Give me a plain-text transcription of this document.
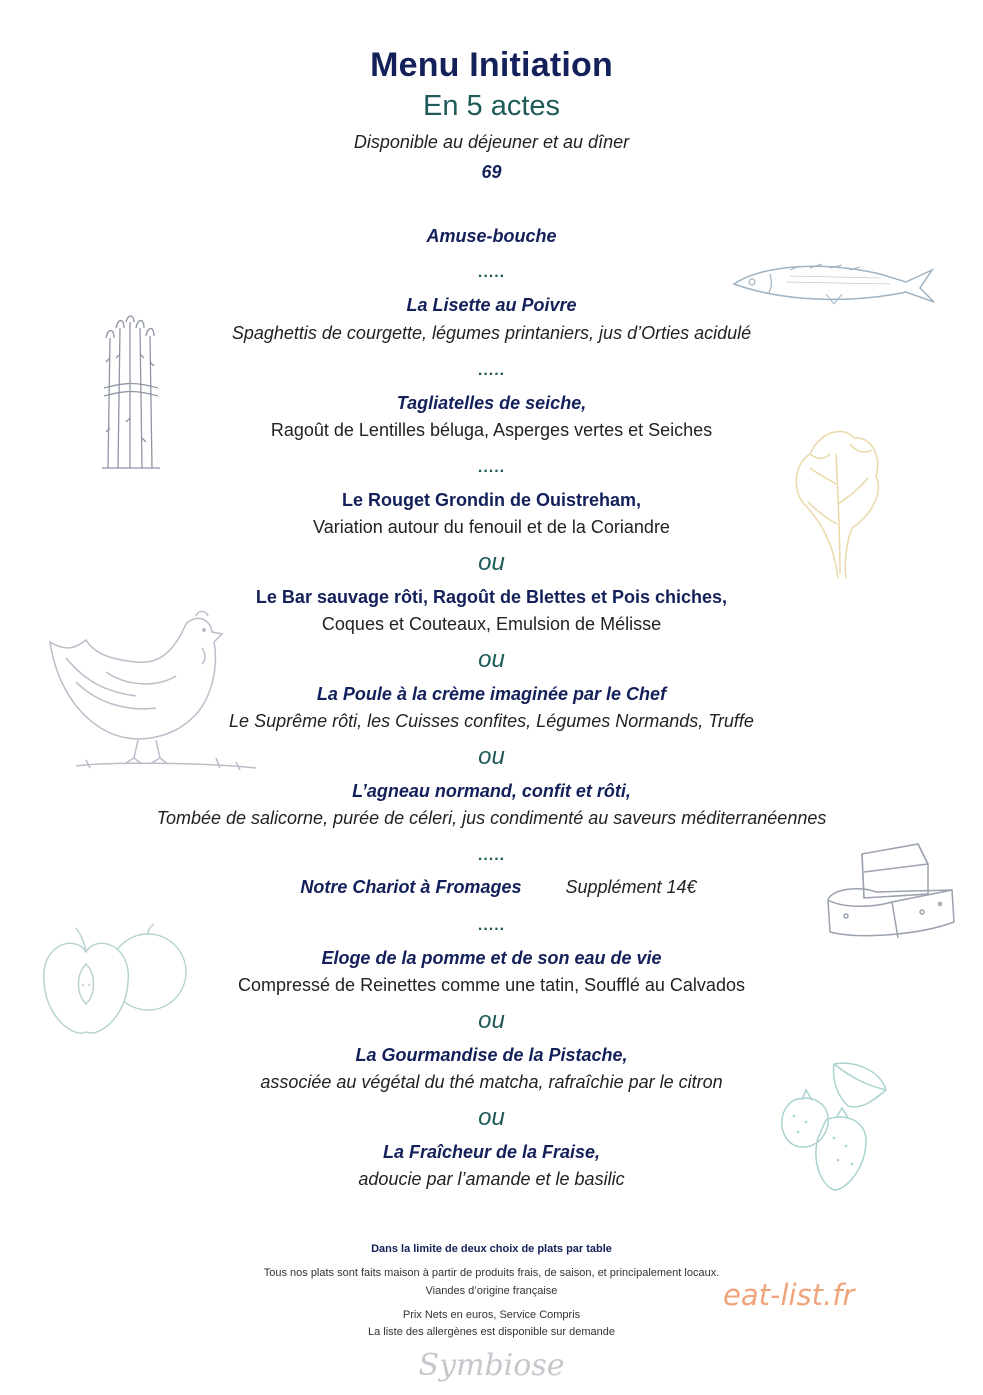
Menu Initiation
En 5 actes
Disponible au déjeuner et au dîner
69
Amuse-bouche
.....
La Lisette au Poivre
Spaghettis de courgette, légumes printaniers, jus d’Orties acidulé
.....
Tagliatelles de seiche,
Ragoût de Lentilles béluga, Asperges vertes et Seiches
.....
Le Rouget Grondin de Ouistreham,
Variation autour du fenouil et de la Coriandre
ou
Le Bar sauvage rôti, Ragoût de Blettes et Pois chiches,
Coques et Couteaux, Emulsion de Mélisse
ou
La Poule à la crème imaginée par le Chef
Le Suprême rôti, les Cuisses confites, Légumes Normands, Truffe
ou
L’agneau normand, confit et rôti,
Tombée de salicorne, purée de céleri, jus condimenté au saveurs méditerranéennes
.....
Notre Chariot à Fromages Supplément 14€
.....
Eloge de la pomme et de son eau de vie
Compressé de Reinettes comme une tatin, Soufflé au Calvados
ou
La Gourmandise de la Pistache,
associée au végétal du thé matcha, rafraîchie par le citron
ou
La Fraîcheur de la Fraise,
adoucie par l’amande et le basilic
Dans la limite de deux choix de plats par table
Tous nos plats sont faits maison à partir de produits frais, de saison, et principalement locaux.
Viandes d’origine française
Prix Nets en euros, Service Compris
La liste des allergènes est disponible sur demande
eat-list.fr
Symbiose
